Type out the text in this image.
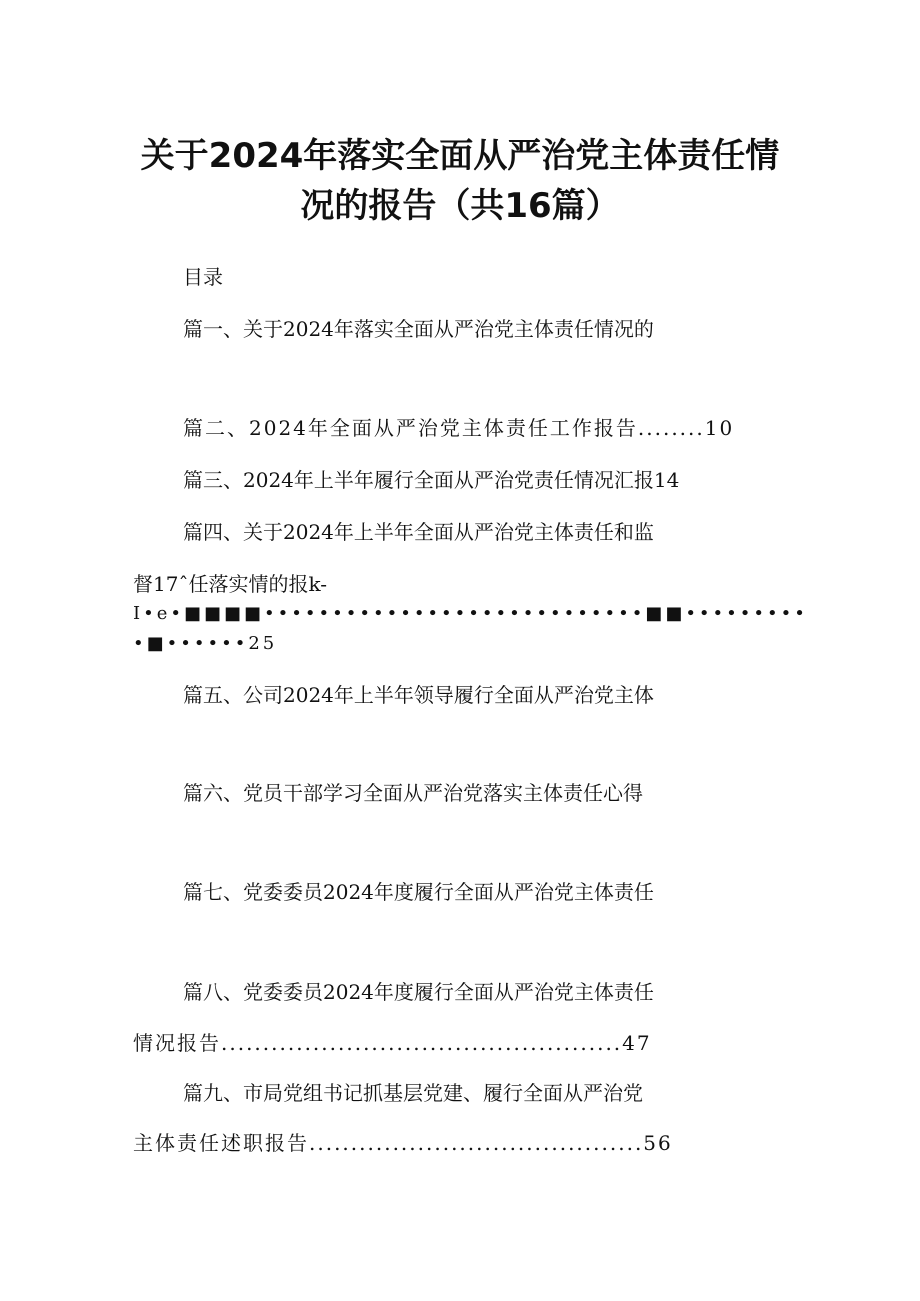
关于2024年落实全面从严治党主体责任情
况的报告（共16篇）
目录
篇一、关于2024年落实全面从严治党主体责任情况的
篇二、2024年全面从严治党主体责任工作报告........10
篇三、2024年上半年履行全面从严治党责任情况汇报14
篇四、关于2024年上半年全面从严治党主体责任和监
督17ˆ任落实情的报k-
I•e•■■■■••••••••••••••••••••••••••••■■•••••••••
•■••••••25
篇五、公司2024年上半年领导履行全面从严治党主体
篇六、党员干部学习全面从严治党落实主体责任心得
篇七、党委委员2024年度履行全面从严治党主体责任
篇八、党委委员2024年度履行全面从严治党主体责任
情况报告................................................47
篇九、市局党组书记抓基层党建、履行全面从严治党
主体责任述职报告........................................56
